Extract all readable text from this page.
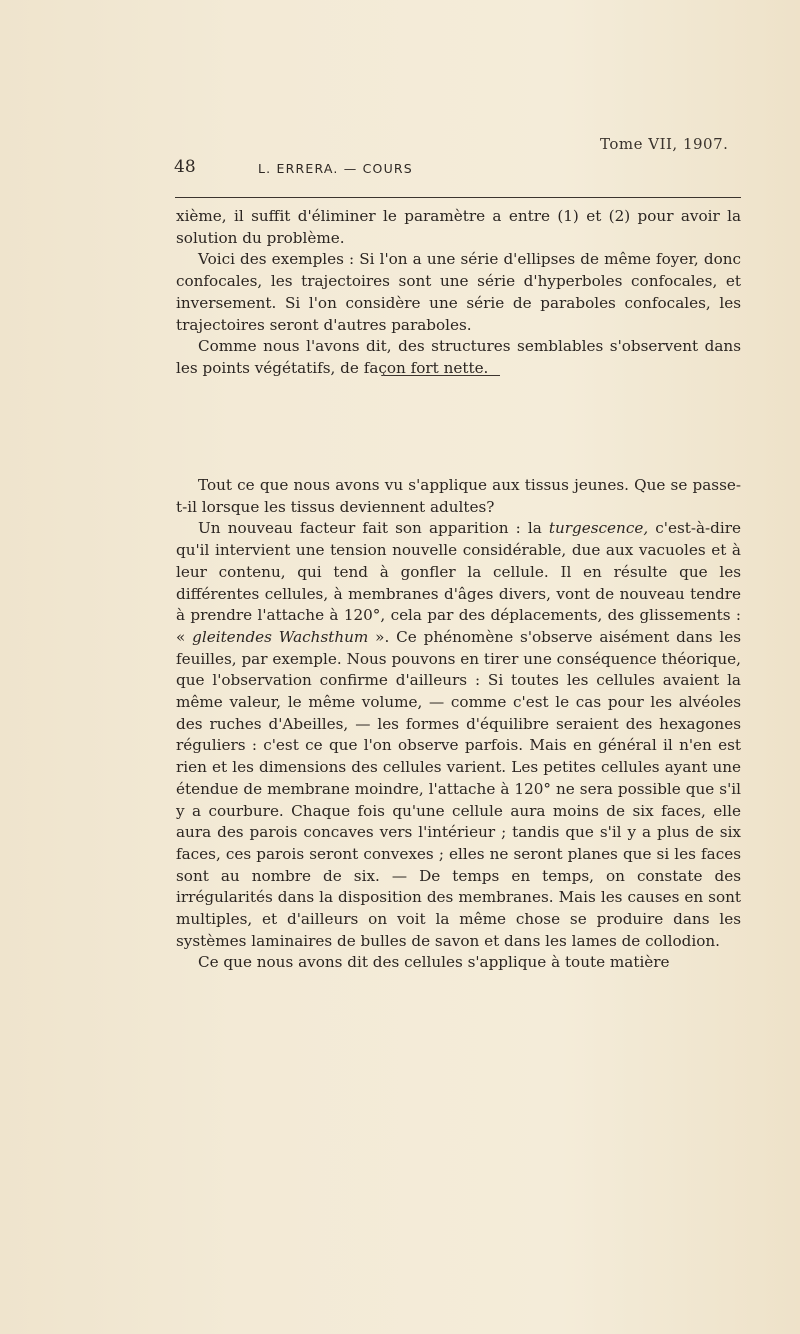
Tome VII, 1907.
48	L. ERRERA. — COURS

xième, il suffit d'éliminer le paramètre a entre (1) et (2) pour avoir la solution du problème.

Voici des exemples : Si l'on a une série d'ellipses de même foyer, donc confocales, les trajectoires sont une série d'hyperboles confocales, et inversement. Si l'on considère une série de paraboles confocales, les trajectoires seront d'autres paraboles.

Comme nous l'avons dit, des structures semblables s'observent dans les points végétatifs, de façon fort nette.

Tout ce que nous avons vu s'applique aux tissus jeunes. Que se passe-t-il lorsque les tissus deviennent adultes?

Un nouveau facteur fait son apparition : la turgescence, c'est-à-dire qu'il intervient une tension nouvelle considérable, due aux vacuoles et à leur contenu, qui tend à gonfler la cellule. Il en résulte que les différentes cellules, à membranes d'âges divers, vont de nouveau tendre à prendre l'attache à 120°, cela par des déplacements, des glissements : « gleitendes Wachsthum ». Ce phénomène s'observe aisément dans les feuilles, par exemple. Nous pouvons en tirer une conséquence théorique, que l'observation confirme d'ailleurs : Si toutes les cellules avaient la même valeur, le même volume, — comme c'est le cas pour les alvéoles des ruches d'Abeilles, — les formes d'équilibre seraient des hexagones réguliers : c'est ce que l'on observe parfois. Mais en général il n'en est rien et les dimensions des cellules varient. Les petites cellules ayant une étendue de membrane moindre, l'attache à 120° ne sera possible que s'il y a courbure. Chaque fois qu'une cellule aura moins de six faces, elle aura des parois concaves vers l'intérieur ; tandis que s'il y a plus de six faces, ces parois seront convexes ; elles ne seront planes que si les faces sont au nombre de six. — De temps en temps, on constate des irrégularités dans la disposition des membranes. Mais les causes en sont multiples, et d'ailleurs on voit la même chose se produire dans les systèmes laminaires de bulles de savon et dans les lames de collodion.

Ce que nous avons dit des cellules s'applique à toute matière
